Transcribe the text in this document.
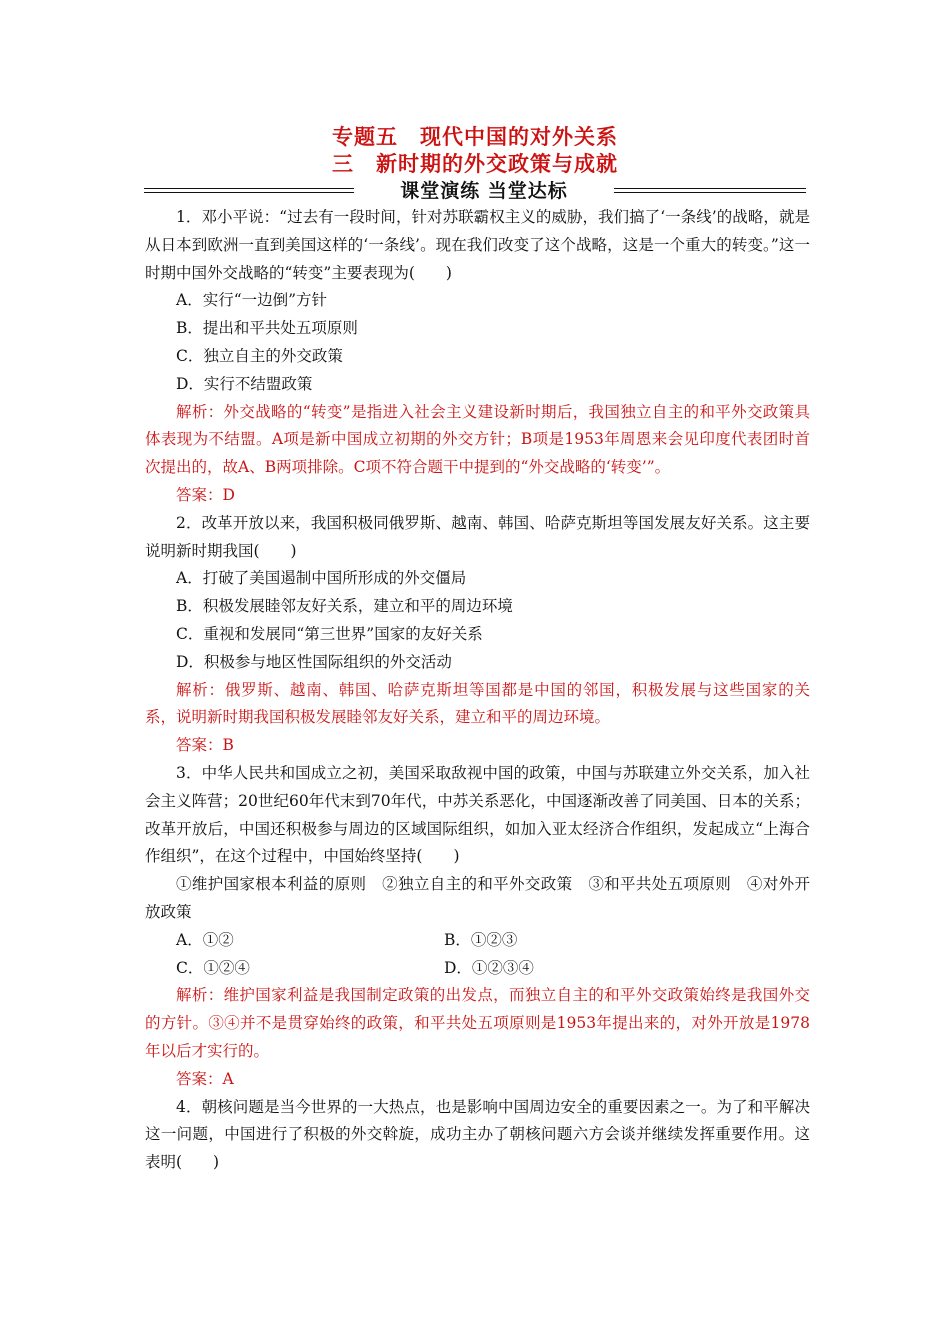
专题五　现代中国的对外关系
三　新时期的外交政策与成就
课堂演练 当堂达标

1．邓小平说：“过去有一段时间，针对苏联霸权主义的威胁，我们搞了‘一条线’的战略，就是从日本到欧洲一直到美国这样的‘一条线’。现在我们改变了这个战略，这是一个重大的转变。”这一时期中国外交战略的“转变”主要表现为(　　)

A．实行“一边倒”方针

B．提出和平共处五项原则

C．独立自主的外交政策

D．实行不结盟政策

解析：外交战略的“转变”是指进入社会主义建设新时期后，我国独立自主的和平外交政策具体表现为不结盟。A项是新中国成立初期的外交方针；B项是1953年周恩来会见印度代表团时首次提出的，故A、B两项排除。C项不符合题干中提到的“外交战略的‘转变’”。

答案：D

2．改革开放以来，我国积极同俄罗斯、越南、韩国、哈萨克斯坦等国发展友好关系。这主要说明新时期我国(　　)

A．打破了美国遏制中国所形成的外交僵局

B．积极发展睦邻友好关系，建立和平的周边环境

C．重视和发展同“第三世界”国家的友好关系

D．积极参与地区性国际组织的外交活动

解析：俄罗斯、越南、韩国、哈萨克斯坦等国都是中国的邻国，积极发展与这些国家的关系，说明新时期我国积极发展睦邻友好关系，建立和平的周边环境。

答案：B

3．中华人民共和国成立之初，美国采取敌视中国的政策，中国与苏联建立外交关系，加入社会主义阵营；20世纪60年代末到70年代，中苏关系恶化，中国逐渐改善了同美国、日本的关系；改革开放后，中国还积极参与周边的区域国际组织，如加入亚太经济合作组织，发起成立“上海合作组织”，在这个过程中，中国始终坚持(　　)

①维护国家根本利益的原则　②独立自主的和平外交政策　③和平共处五项原则　④对外开放政策

A．①②	B．①②③
C．①②④	D．①②③④

解析：维护国家利益是我国制定政策的出发点，而独立自主的和平外交政策始终是我国外交的方针。③④并不是贯穿始终的政策，和平共处五项原则是1953年提出来的，对外开放是1978年以后才实行的。

答案：A

4．朝核问题是当今世界的一大热点，也是影响中国周边安全的重要因素之一。为了和平解决这一问题，中国进行了积极的外交斡旋，成功主办了朝核问题六方会谈并继续发挥重要作用。这表明(　　)
